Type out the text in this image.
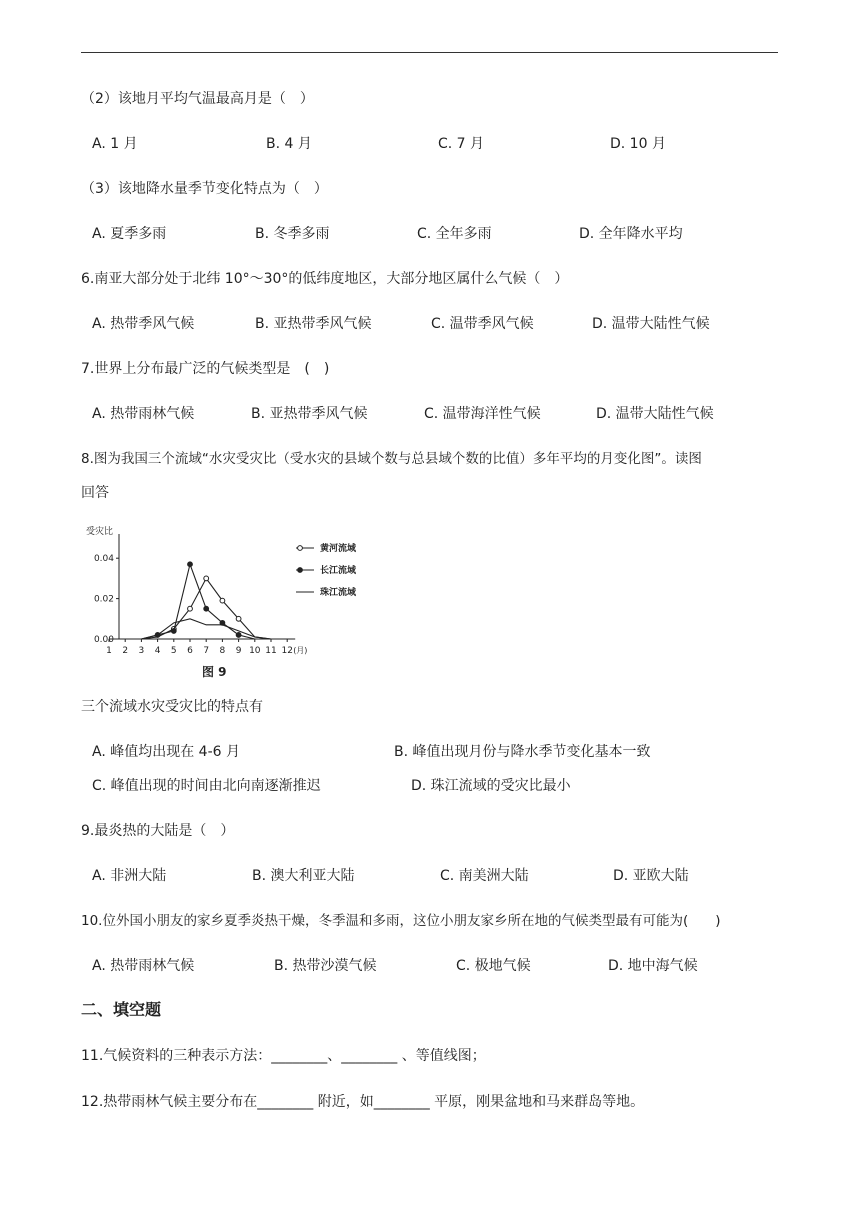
（2）该地月平均气温最高月是（　）
A. 1 月	B. 4 月	C. 7 月	D. 10 月
（3）该地降水量季节变化特点为（　）
A. 夏季多雨	B. 冬季多雨	C. 全年多雨	D. 全年降水平均
6.南亚大部分处于北纬 10°～30°的低纬度地区，大部分地区属什么气候（　）
A. 热带季风气候	B. 亚热带季风气候	C. 温带季风气候	D. 温带大陆性气候
7.世界上分布最广泛的气候类型是　(　)
A. 热带雨林气候	B. 亚热带季风气候	C. 温带海洋性气候	D. 温带大陆性气候
8.图为我国三个流域“水灾受灾比（受水灾的县域个数与总县域个数的比值）多年平均的月变化图”。读图
回答
受灾比
0.00
0.02
0.04
1 2 3 4 5 6 7 8 9 10 11 12 (月)
黄河流域
长江流域
珠江流域
图 9
三个流域水灾受灾比的特点有
A. 峰值均出现在 4-6 月	B. 峰值出现月份与降水季节变化基本一致
C. 峰值出现的时间由北向南逐渐推迟	D. 珠江流域的受灾比最小
9.最炎热的大陆是（　）
A. 非洲大陆	B. 澳大利亚大陆	C. 南美洲大陆	D. 亚欧大陆
10.位外国小朋友的家乡夏季炎热干燥，冬季温和多雨，这位小朋友家乡所在地的气候类型最有可能为(　　)
A. 热带雨林气候	B. 热带沙漠气候	C. 极地气候	D. 地中海气候
二、填空题
11.气候资料的三种表示方法：________、________ 、等值线图；
12.热带雨林气候主要分布在________ 附近，如________ 平原，刚果盆地和马来群岛等地。
